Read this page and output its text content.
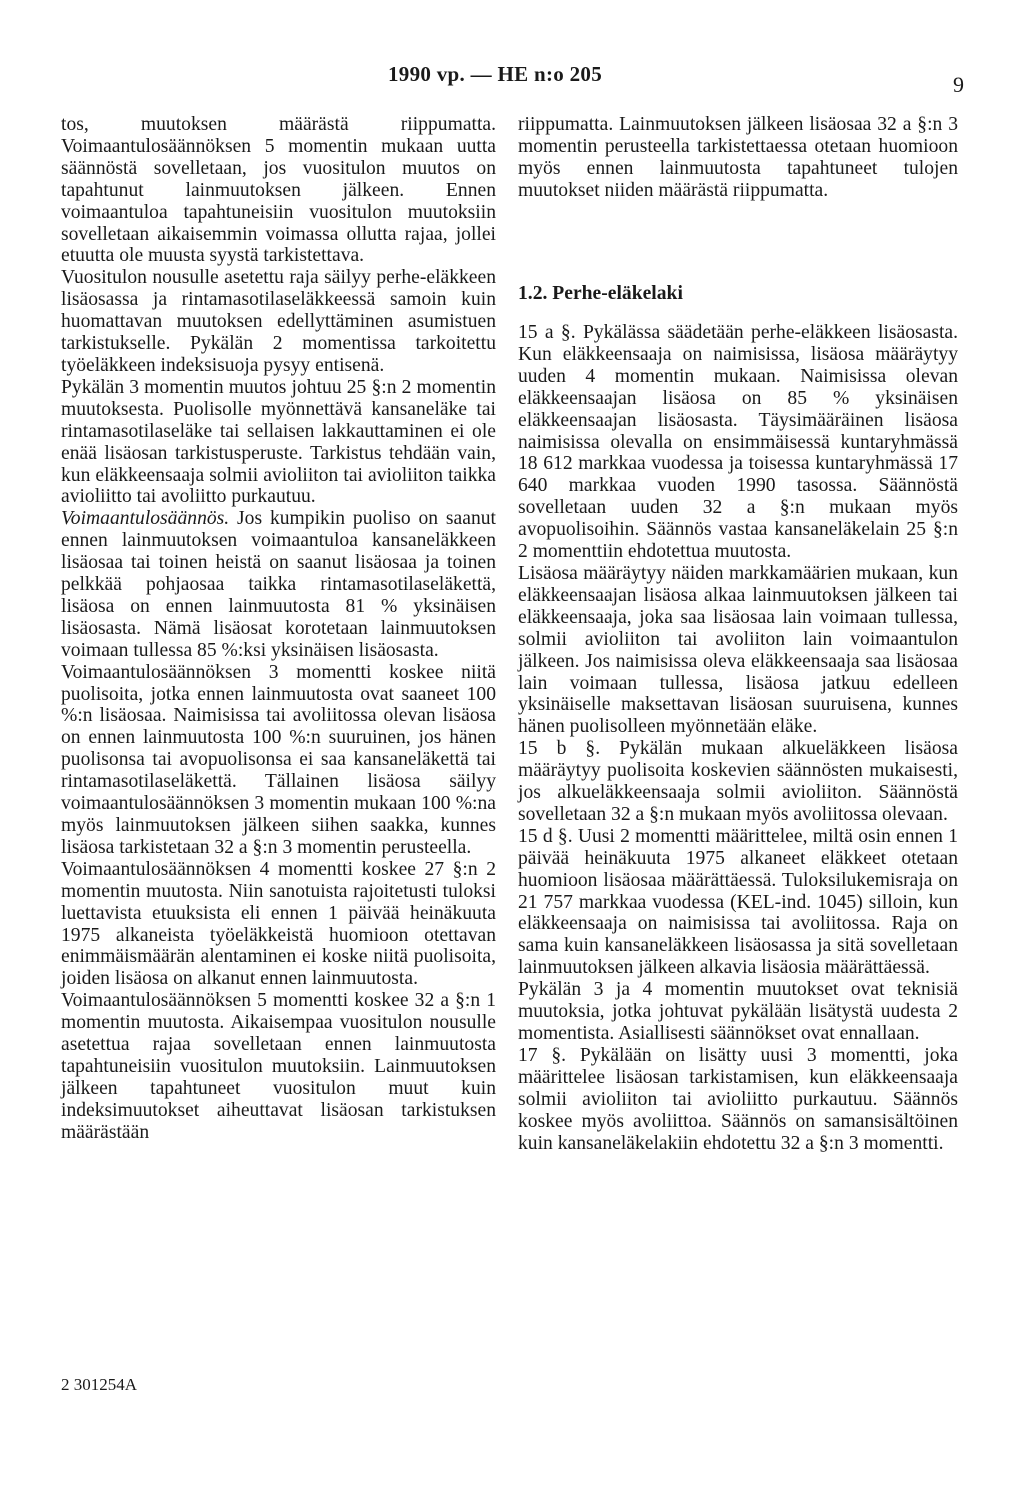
1990 vp. — HE n:o 205	9

tos, muutoksen määrästä riippumatta. Voimaantulosäännöksen 5 momentin mukaan uutta säännöstä sovelletaan, jos vuositulon muutos on tapahtunut lainmuutoksen jälkeen. Ennen voimaantuloa tapahtuneisiin vuositulon muutoksiin sovelletaan aikaisemmin voimassa ollutta rajaa, jollei etuutta ole muusta syystä tarkistettava.

Vuositulon nousulle asetettu raja säilyy perhe-eläkkeen lisäosassa ja rintamasotilaseläkkeessä samoin kuin huomattavan muutoksen edellyttäminen asumistuen tarkistukselle. Pykälän 2 momentissa tarkoitettu työeläkkeen indeksisuoja pysyy entisenä.

Pykälän 3 momentin muutos johtuu 25 §:n 2 momentin muutoksesta. Puolisolle myönnettävä kansaneläke tai rintamasotilaseläke tai sellaisen lakkauttaminen ei ole enää lisäosan tarkistusperuste. Tarkistus tehdään vain, kun eläkkeensaaja solmii avioliiton tai avioliiton taikka avioliitto tai avoliitto purkautuu.

Voimaantulosäännös. Jos kumpikin puoliso on saanut ennen lainmuutoksen voimaantuloa kansaneläkkeen lisäosaa tai toinen heistä on saanut lisäosaa ja toinen pelkkää pohjaosaa taikka rintamasotilaseläkettä, lisäosa on ennen lainmuutosta 81 % yksinäisen lisäosasta. Nämä lisäosat korotetaan lainmuutoksen voimaan tullessa 85 %:ksi yksinäisen lisäosasta.

Voimaantulosäännöksen 3 momentti koskee niitä puolisoita, jotka ennen lainmuutosta ovat saaneet 100 %:n lisäosaa. Naimisissa tai avoliitossa olevan lisäosa on ennen lainmuutosta 100 %:n suuruinen, jos hänen puolisonsa tai avopuolisonsa ei saa kansaneläkettä tai rintamasotilaseläkettä. Tällainen lisäosa säilyy voimaantulosäännöksen 3 momentin mukaan 100 %:na myös lainmuutoksen jälkeen siihen saakka, kunnes lisäosa tarkistetaan 32 a §:n 3 momentin perusteella.

Voimaantulosäännöksen 4 momentti koskee 27 §:n 2 momentin muutosta. Niin sanotuista rajoitetusti tuloksi luettavista etuuksista eli ennen 1 päivää heinäkuuta 1975 alkaneista työeläkkeistä huomioon otettavan enimmäismäärän alentaminen ei koske niitä puolisoita, joiden lisäosa on alkanut ennen lainmuutosta.

Voimaantulosäännöksen 5 momentti koskee 32 a §:n 1 momentin muutosta. Aikaisempaa vuositulon nousulle asetettua rajaa sovelletaan ennen lainmuutosta tapahtuneisiin vuositulon muutoksiin. Lainmuutoksen jälkeen tapahtuneet vuositulon muut kuin indeksimuutokset aiheuttavat lisäosan tarkistuksen määrästään

riippumatta. Lainmuutoksen jälkeen lisäosaa 32 a §:n 3 momentin perusteella tarkistettaessa otetaan huomioon myös ennen lainmuutosta tapahtuneet tulojen muutokset niiden määrästä riippumatta.

1.2. Perhe-eläkelaki

15 a §. Pykälässa säädetään perhe-eläkkeen lisäosasta. Kun eläkkeensaaja on naimisissa, lisäosa määräytyy uuden 4 momentin mukaan. Naimisissa olevan eläkkeensaajan lisäosa on 85 % yksinäisen eläkkeensaajan lisäosasta. Täysimääräinen lisäosa naimisissa olevalla on ensimmäisessä kuntaryhmässä 18 612 markkaa vuodessa ja toisessa kuntaryhmässä 17 640 markkaa vuoden 1990 tasossa. Säännöstä sovelletaan uuden 32 a §:n mukaan myös avopuolisoihin. Säännös vastaa kansaneläkelain 25 §:n 2 momenttiin ehdotettua muutosta.

Lisäosa määräytyy näiden markkamäärien mukaan, kun eläkkeensaajan lisäosa alkaa lainmuutoksen jälkeen tai eläkkeensaaja, joka saa lisäosaa lain voimaan tullessa, solmii avioliiton tai avoliiton lain voimaantulon jälkeen. Jos naimisissa oleva eläkkeensaaja saa lisäosaa lain voimaan tullessa, lisäosa jatkuu edelleen yksinäiselle maksettavan lisäosan suuruisena, kunnes hänen puolisolleen myönnetään eläke.

15 b §. Pykälän mukaan alkueläkkeen lisäosa määräytyy puolisoita koskevien säännösten mukaisesti, jos alkueläkkeensaaja solmii avioliiton. Säännöstä sovelletaan 32 a §:n mukaan myös avoliitossa olevaan.

15 d §. Uusi 2 momentti määrittelee, miltä osin ennen 1 päivää heinäkuuta 1975 alkaneet eläkkeet otetaan huomioon lisäosaa määrättäessä. Tuloksilukemisraja on 21 757 markkaa vuodessa (KEL-ind. 1045) silloin, kun eläkkeensaaja on naimisissa tai avoliitossa. Raja on sama kuin kansaneläkkeen lisäosassa ja sitä sovelletaan lainmuutoksen jälkeen alkavia lisäosia määrättäessä.

Pykälän 3 ja 4 momentin muutokset ovat teknisiä muutoksia, jotka johtuvat pykälään lisätystä uudesta 2 momentista. Asiallisesti säännökset ovat ennallaan.

17 §. Pykälään on lisätty uusi 3 momentti, joka määrittelee lisäosan tarkistamisen, kun eläkkeensaaja solmii avioliiton tai avioliitto purkautuu. Säännös koskee myös avoliittoa. Säännös on samansisältöinen kuin kansaneläkelakiin ehdotettu 32 a §:n 3 momentti.

2 301254A
